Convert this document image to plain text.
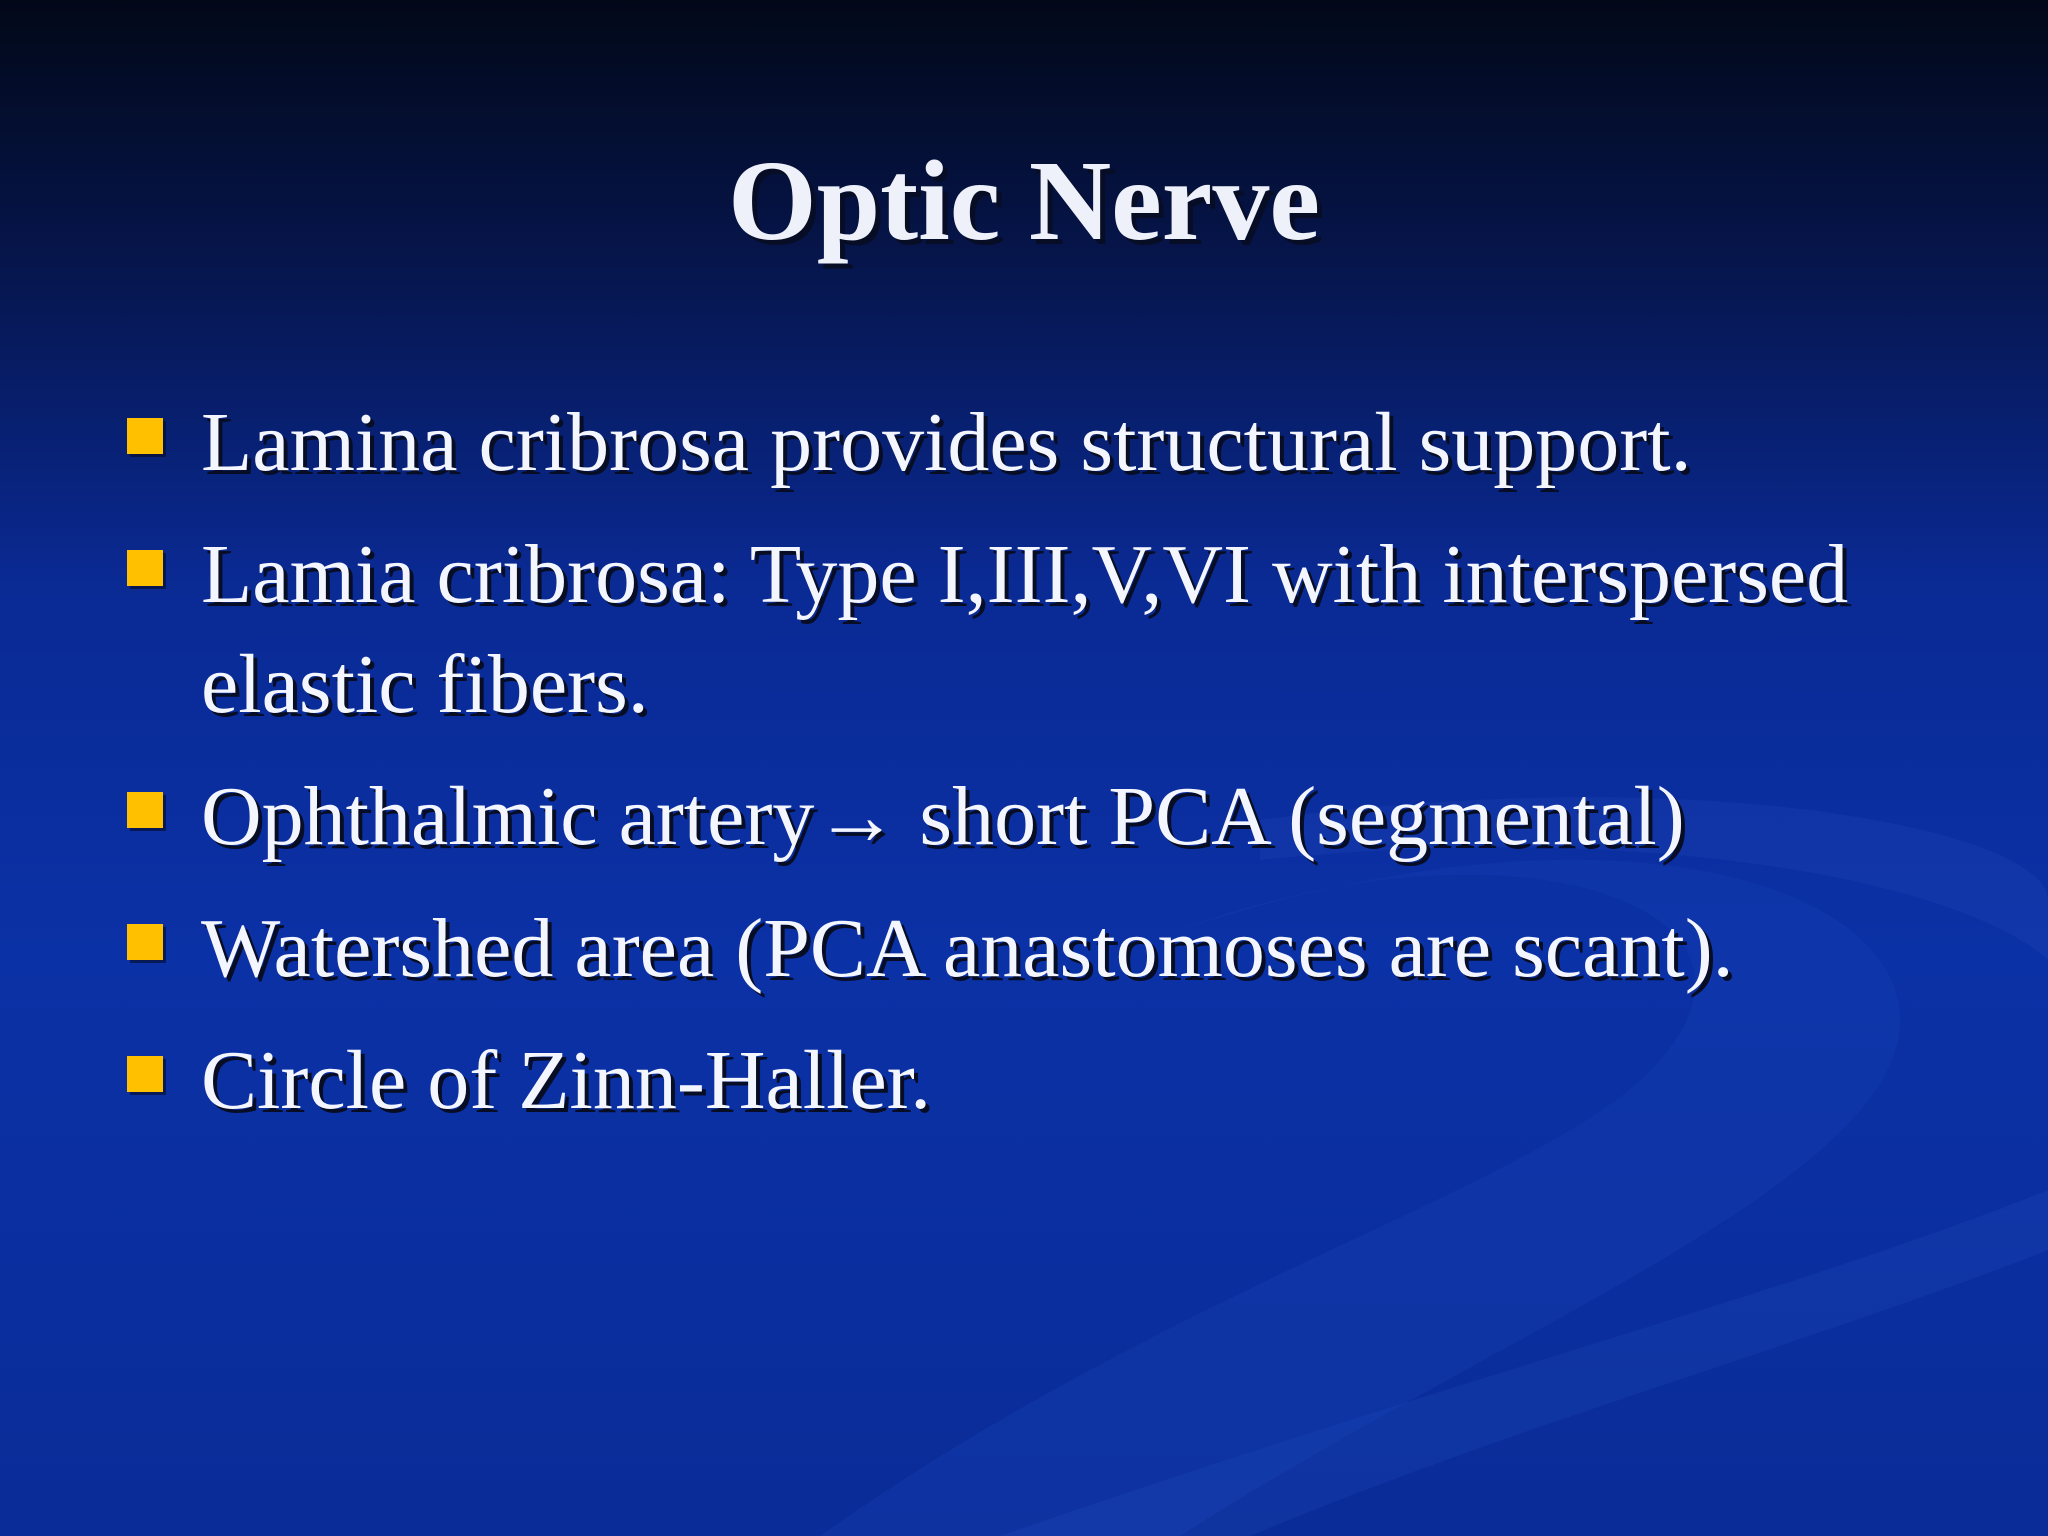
Optic Nerve
Lamina cribrosa provides structural support.
Lamia cribrosa: Type I,III,V,VI with interspersed elastic fibers.
Ophthalmic artery→ short PCA (segmental)
Watershed area (PCA anastomoses are scant).
Circle of Zinn-Haller.
